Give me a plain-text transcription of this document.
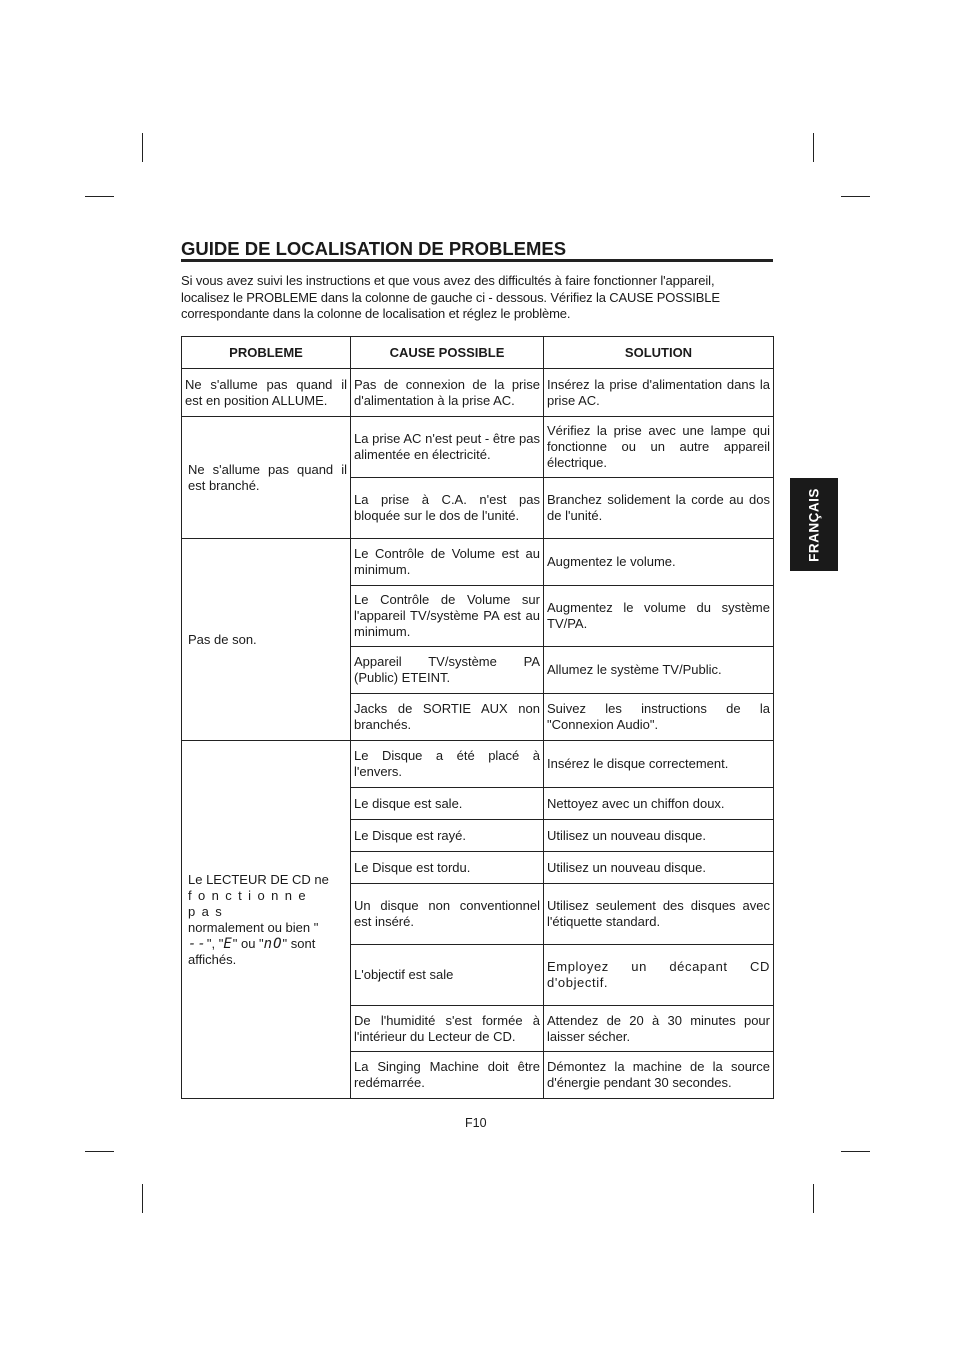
GUIDE DE LOCALISATION DE PROBLEMES
Si vous avez suivi les instructions et que vous avez des difficultés à faire fonctionner l'appareil,
localisez le PROBLEME dans la colonne de gauche ci - dessous. Vérifiez la CAUSE POSSIBLE
correspondante dans la colonne de localisation et réglez le problème.
PROBLEME	CAUSE POSSIBLE	SOLUTION
Ne s'allume pas quand il est en position ALLUME.	Pas de connexion de la prise d'alimentation à la prise AC.	Insérez la prise d'alimentation dans la prise AC.
Ne s'allume pas quand il est branché.	La prise AC n'est peut - être pas alimentée en électricité.	Vérifiez la prise avec une lampe qui fonctionne ou un autre appareil électrique.
	La prise à C.A. n'est pas bloquée sur le dos de l'unité.	Branchez solidement la corde au dos de l'unité.
Pas de son.	Le Contrôle de Volume est au minimum.	Augmentez le volume.
	Le Contrôle de Volume sur l'appareil TV/système PA est au minimum.	Augmentez le volume du système TV/PA.
	Appareil TV/système PA (Public) ETEINT.	Allumez le système TV/Public.
	Jacks de SORTIE AUX non branchés.	Suivez les instructions de la "Connexion Audio".

Le LECTEUR DE CD ne
fonctionne pas
normalement ou bien "
--", "E" ou "nO" sont
affichés.	Le Disque a été placé à l'envers.	Insérez le disque correctement.
	Le disque est sale.	Nettoyez avec un chiffon doux.
	Le Disque est rayé.	Utilisez un nouveau disque.
	Le Disque est tordu.	Utilisez un nouveau disque.
	Un disque non conventionnel est inséré.	Utilisez seulement des disques avec l'étiquette standard.
	L'objectif est sale	Employez un décapant CD d'objectif.
	De l'humidité s'est formée à l'intérieur du Lecteur de CD.	Attendez de 20 à 30 minutes pour laisser sécher.
	La Singing Machine doit être redémarrée.	Démontez la machine de la source d'énergie pendant 30 secondes.
FRANÇAIS
F10
